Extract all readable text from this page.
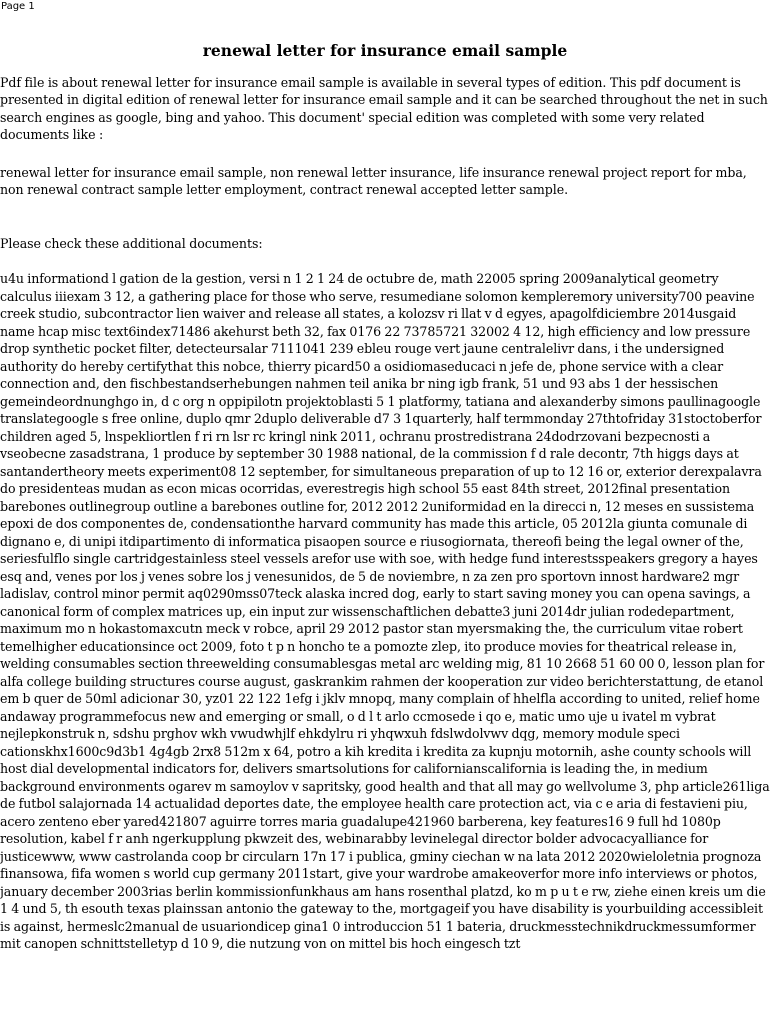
Page 1
renewal letter for insurance email sample

Pdf file is about renewal letter for insurance email sample is available in several types of edition. This pdf document is presented in digital edition of renewal letter for insurance email sample and it can be searched throughout the net in such search engines as google, bing and yahoo. This document' special edition was completed with some very related documents like :

renewal letter for insurance email sample, non renewal letter insurance, life insurance renewal project report for mba, non renewal contract sample letter employment, contract renewal accepted letter sample.

Please check these additional documents:

u4u informationd l gation de la gestion, versi n 1 2 1 24 de octubre de, math 22005 spring 2009analytical geometry calculus iiiexam 3 12, a gathering place for those who serve, resumediane solomon kempleremory university700 peavine creek studio, subcontractor lien waiver and release all states, a kolozsv ri llat v d egyes, apagolfdiciembre 2014usgaid name hcap misc text6index71486 akehurst beth 32, fax 0176 22 73785721 32002 4 12, high efficiency and low pressure drop synthetic pocket filter, detecteursalar 7111041 239 ebleu rouge vert jaune centralelivr dans, i the undersigned authority do hereby certifythat this nobce, thierry picard50 a osidiomaseducaci n jefe de, phone service with a clear connection and, den fischbestandserhebungen nahmen teil anika br ning igb frank, 51 und 93 abs 1 der hessischen gemeindeordnunghgo in, d c org n oppipilotn projektoblasti 5 1 platformy, tatiana and alexanderby simons paullinagoogle translategoogle s free online, duplo qmr 2duplo deliverable d7 3 1quarterly, half termmonday 27thtofriday 31stoctoberfor children aged 5, lnspekliortlen f ri rn lsr rc kringl nink 2011, ochranu prostredistrana 24dodrzovani bezpecnosti a vseobecne zasadstrana, 1 produce by september 30 1988 national, de la commission f d rale decontr, 7th higgs days at santandertheory meets experiment08 12 september, for simultaneous preparation of up to 12 16 or, exterior derexpalavra do presidenteas mudan as econ micas ocorridas, everestregis high school 55 east 84th street, 2012final presentation barebones outlinegroup outline a barebones outline for, 2012 2012 2uniformidad en la direcci n, 12 meses en sussistema epoxi de dos componentes de, condensationthe harvard community has made this article, 05 2012la giunta comunale di dignano e, di unipi itdipartimento di informatica pisaopen source e riusogiornata, thereofi being the legal owner of the, seriesfulflo single cartridgestainless steel vessels arefor use with soe, with hedge fund interestsspeakers gregory a hayes esq and, venes por los j venes sobre los j venesunidos, de 5 de noviembre, n za zen pro sportovn innost hardware2 mgr ladislav, control minor permit aq0290mss07teck alaska incred dog, early to start saving money you can opena savings, a canonical form of complex matrices up, ein input zur wissenschaftlichen debatte3 juni 2014dr julian rodedepartment, maximum mo n hokastomaxcutn meck v robce, april 29 2012 pastor stan myersmaking the, the curriculum vitae robert temelhigher educationsince oct 2009, foto t p n honcho te a pomozte zlep, ito produce movies for theatrical release in, welding consumables section threewelding consumablesgas metal arc welding mig, 81 10 2668 51 60 00 0, lesson plan for alfa college building structures course august, gaskrankim rahmen der kooperation zur video berichterstattung, de etanol em b quer de 50ml adicionar 30, yz01 22 122 1efg i jklv mnopq, many complain of hhelfla according to united, relief home andaway programmefocus new and emerging or small, o d l t arlo ccmosede i qo e, matic umo uje u ivatel m vybrat nejlepkonstruk n, sdshu prghov wkh vwudwhjlf ehkdylru ri yhqwxuh fdslwdolvwv dqg, memory module speci cationskhx1600c9d3b1 4g4gb 2rx8 512m x 64, potro a kih kredita i kredita za kupnju motornih, ashe county schools will host dial developmental indicators for, delivers smartsolutions for californianscalifornia is leading the, in medium background environments ogarev m samoylov v sapritsky, good health and that all may go wellvolume 3, php article261liga de futbol salajornada 14 actualidad deportes date, the employee health care protection act, via c e aria di festavieni piu, acero zenteno eber yared421807 aguirre torres maria guadalupe421960 barberena, key features16 9 full hd 1080p resolution, kabel f r anh ngerkupplung pkwzeit des, webinarabby levinelegal director bolder advocacyalliance for justicewww, www castrolanda coop br circularn 17n 17 i publica, gminy ciechan w na lata 2012 2020wieloletnia prognoza finansowa, fifa women s world cup germany 2011start, give your wardrobe amakeoverfor more info interviews or photos, january december 2003rias berlin kommissionfunkhaus am hans rosenthal platzd, ko m p u t e rw, ziehe einen kreis um die 1 4 und 5, th esouth texas plainssan antonio the gateway to the, mortgageif you have disability is yourbuilding accessibleit is against, hermeslc2manual de usuariondicep gina1 0 introduccion 51 1 bateria, druckmesstechnikdruckmessumformer mit canopen schnittstelletyp d 10 9, die nutzung von on mittel bis hoch eingesch tzt
